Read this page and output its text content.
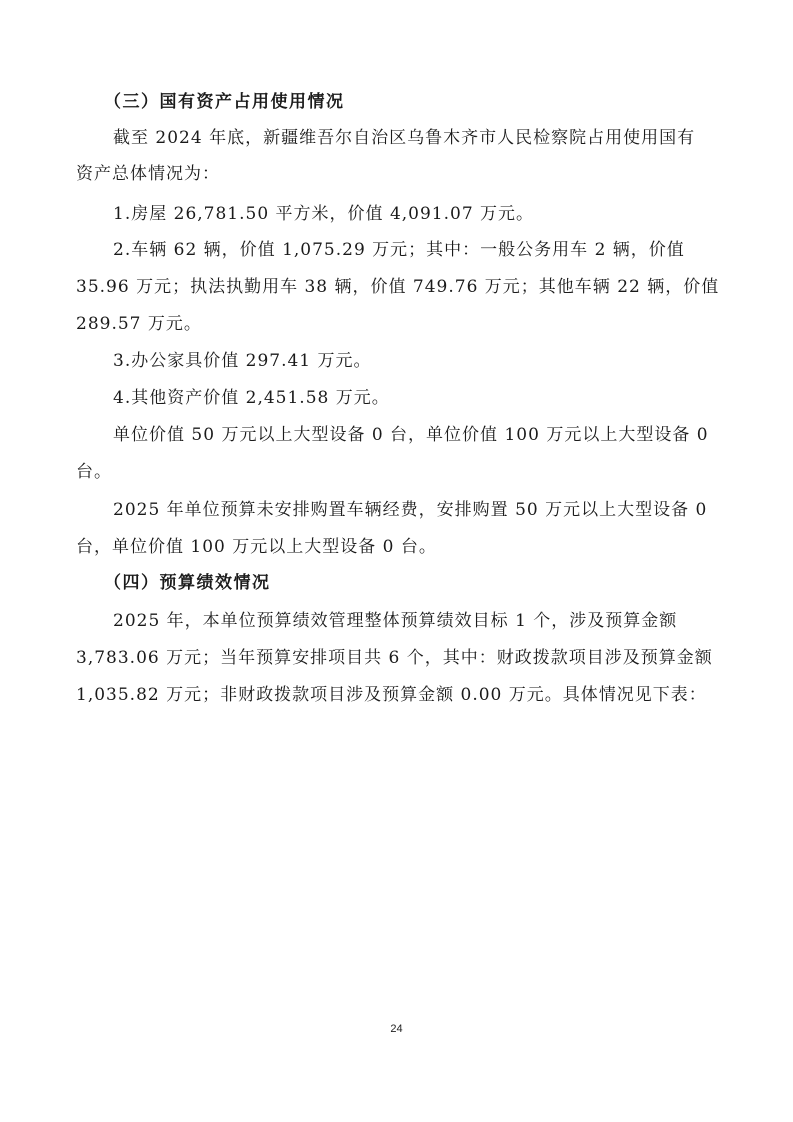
（三）国有资产占用使用情况
截至 2024 年底，新疆维吾尔自治区乌鲁木齐市人民检察院占用使用国有
资产总体情况为：
1.房屋 26,781.50 平方米，价值 4,091.07 万元。
2.车辆 62 辆，价值 1,075.29 万元；其中：一般公务用车 2 辆，价值
35.96 万元；执法执勤用车 38 辆，价值 749.76 万元；其他车辆 22 辆，价值
289.57 万元。
3.办公家具价值 297.41 万元。
4.其他资产价值 2,451.58 万元。
单位价值 50 万元以上大型设备 0 台，单位价值 100 万元以上大型设备 0
台。
2025 年单位预算未安排购置车辆经费，安排购置 50 万元以上大型设备 0
台，单位价值 100 万元以上大型设备 0 台。
（四）预算绩效情况
2025 年，本单位预算绩效管理整体预算绩效目标 1 个，涉及预算金额
3,783.06 万元；当年预算安排项目共 6 个，其中：财政拨款项目涉及预算金额
1,035.82 万元；非财政拨款项目涉及预算金额 0.00 万元。具体情况见下表：
24
